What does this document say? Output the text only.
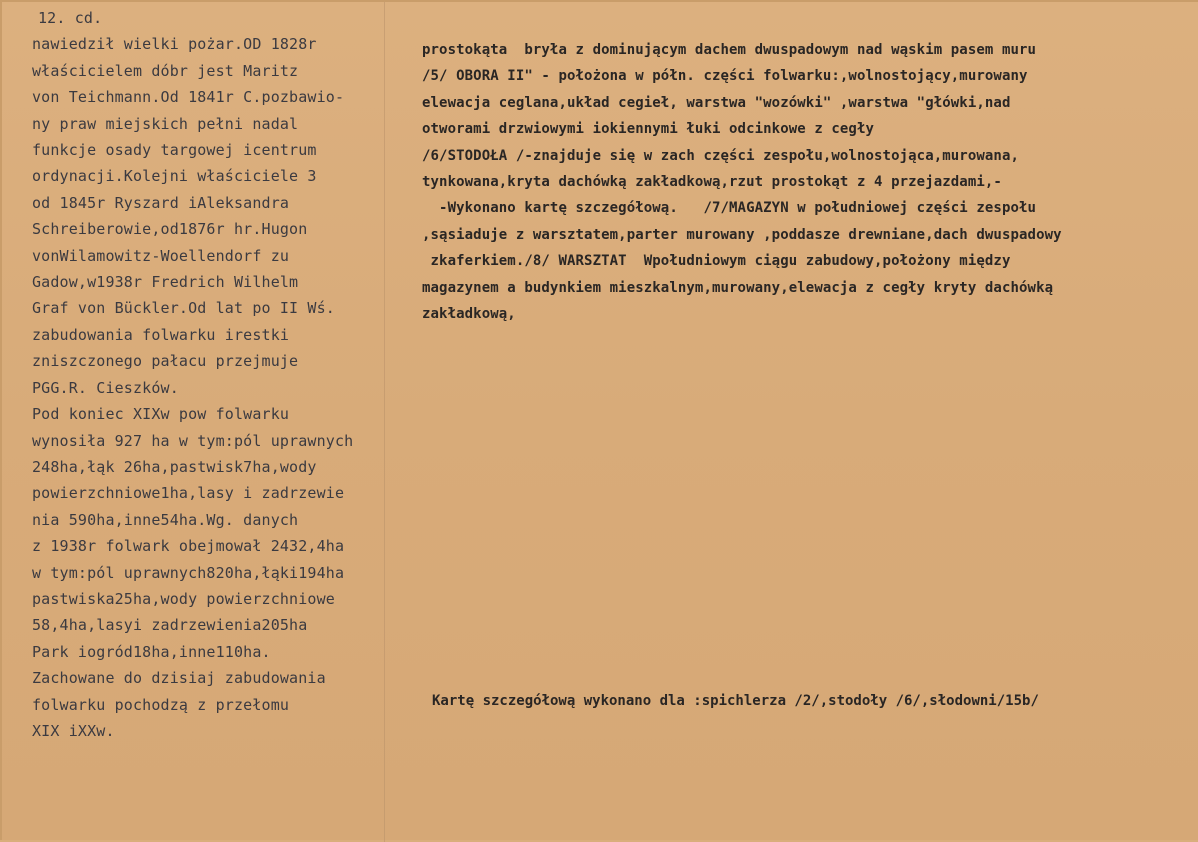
12. cd.
nawiedził wielki pożar.OD 1828r
właścicielem dóbr jest Maritz
von Teichmann.Od 1841r C.pozbawio-
ny praw miejskich pełni nadal
funkcje osady targowej icentrum
ordynacji.Kolejni właściciele 3
od 1845r Ryszard iAleksandra
Schreiberowie,od1876r hr.Hugon
vonWilamowitz-Woellendorf zu
Gadow,w1938r Fredrich Wilhelm
Graf von Bückler.Od lat po II Wś.
zabudowania folwarku irestki
zniszczonego pałacu przejmuje
PGG.R. Cieszków.
Pod koniec XIXw pow folwarku
wynosiła 927 ha w tym:pól uprawnych
248ha,łąk 26ha,pastwisk7ha,wody
powierzchniowe1ha,lasy i zadrzewie
nia 590ha,inne54ha.Wg. danych
z 1938r folwark obejmował 2432,4ha
w tym:pól uprawnych820ha,łąki194ha
pastwiska25ha,wody powierzchniowe
58,4ha,lasyi zadrzewienia205ha
Park iogród18ha,inne110ha.
Zachowane do dzisiaj zabudowania
folwarku pochodzą z przełomu
XIX iXXw.
prostokąta  bryła z dominującym dachem dwuspadowym nad wąskim pasem muru
/5/ OBORA II" - położona w półn. części folwarku:,wolnostojący,murowany
elewacja ceglana,układ cegieł, warstwa "wozówki" ,warstwa "główki,nad
otworami drzwiowymi iokiennymi łuki odcinkowe z cegły
/6/STODOŁA /-znajduje się w zach części zespołu,wolnostojąca,murowana,
tynkowana,kryta dachówką zakładkową,rzut prostokąt z 4 przejazdami,-
-Wykonano kartę szczegółową.   /7/MAGAZYN w południowej części zespołu
,sąsiaduje z warsztatem,parter murowany ,poddasze drewniane,dach dwuspadowy
zkaferkiem./8/ WARSZTAT  Wpołudniowym ciągu zabudowy,położony między
magazynem a budynkiem mieszkalnym,murowany,elewacja z cegły kryty dachówką
zakładkową,
Kartę szczegółową wykonano dla :spichlerza /2/,stodoły /6/,słodowni/15b/
